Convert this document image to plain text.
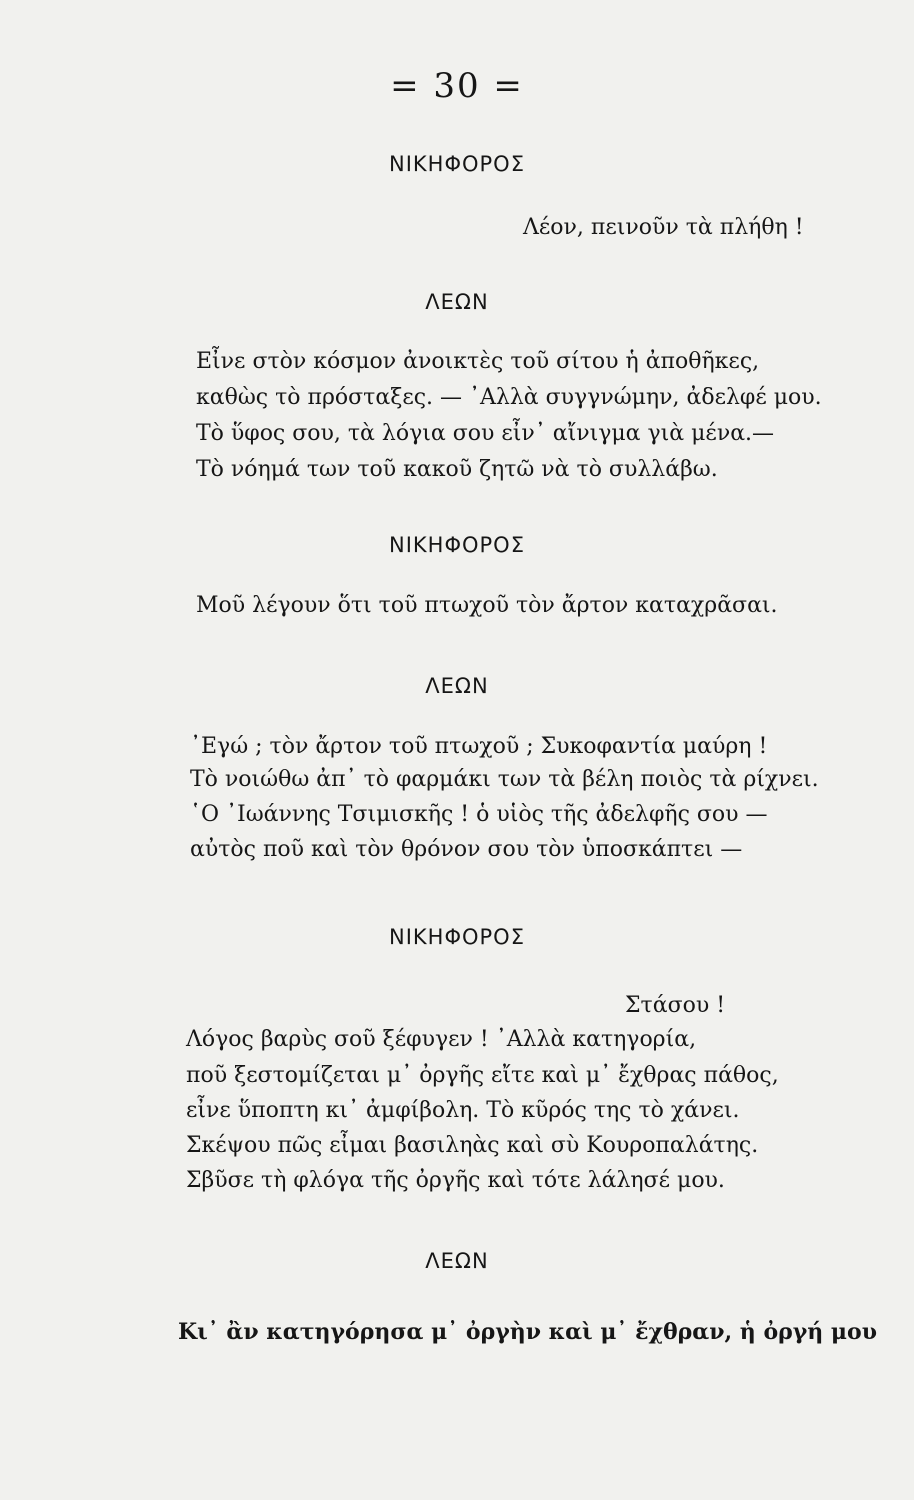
= 30 =
ΝΙΚΗΦΟΡΟΣ
Λέον, πεινοῦν τὰ πλήθη !
ΛΕΩΝ
Εἶνε στὸν κόσμον ἀνοικτὲς τοῦ σίτου ἡ ἀποθῆκες,
καθὼς τὸ πρόσταξες. — ᾿Αλλὰ συγγνώμην, ἀδελφέ μου.
Τὸ ὕφος σου, τὰ λόγια σου εἶν᾿ αἴνιγμα γιὰ μένα.—
Τὸ νόημά των τοῦ κακοῦ ζητῶ νὰ τὸ συλλάβω.
ΝΙΚΗΦΟΡΟΣ
Μοῦ λέγουν ὅτι τοῦ πτωχοῦ τὸν ἄρτον καταχρᾶσαι.
ΛΕΩΝ
᾿Εγώ ; τὸν ἄρτον τοῦ πτωχοῦ ; Συκοφαντία μαύρη !
Τὸ νοιώθω ἀπ᾿ τὸ φαρμάκι των τὰ βέλη ποιὸς τὰ ρίχνει.
῾Ο ᾿Ιωάννης Τσιμισκῆς ! ὁ υἱὸς τῆς ἀδελφῆς σου —
αὐτὸς ποῦ καὶ τὸν θρόνον σου τὸν ὑποσκάπτει —
ΝΙΚΗΦΟΡΟΣ
Στάσου !
Λόγος βαρὺς σοῦ ξέφυγεν ! ᾿Αλλὰ κατηγορία,
ποῦ ξεστομίζεται μ᾿ ὀργῆς εἴτε καὶ μ᾿ ἔχθρας πάθος,
εἶνε ὕποπτη κι᾿ ἀμφίβολη. Τὸ κῦρός της τὸ χάνει.
Σκέψου πῶς εἶμαι βασιληὰς καὶ σὺ Κουροπαλάτης.
Σβῦσε τὴ φλόγα τῆς ὀργῆς καὶ τότε λάλησέ μου.
ΛΕΩΝ
Κι᾿ ἂν κατηγόρησα μ᾿ ὀργὴν καὶ μ᾿ ἔχθραν, ἡ ὀργή μου
